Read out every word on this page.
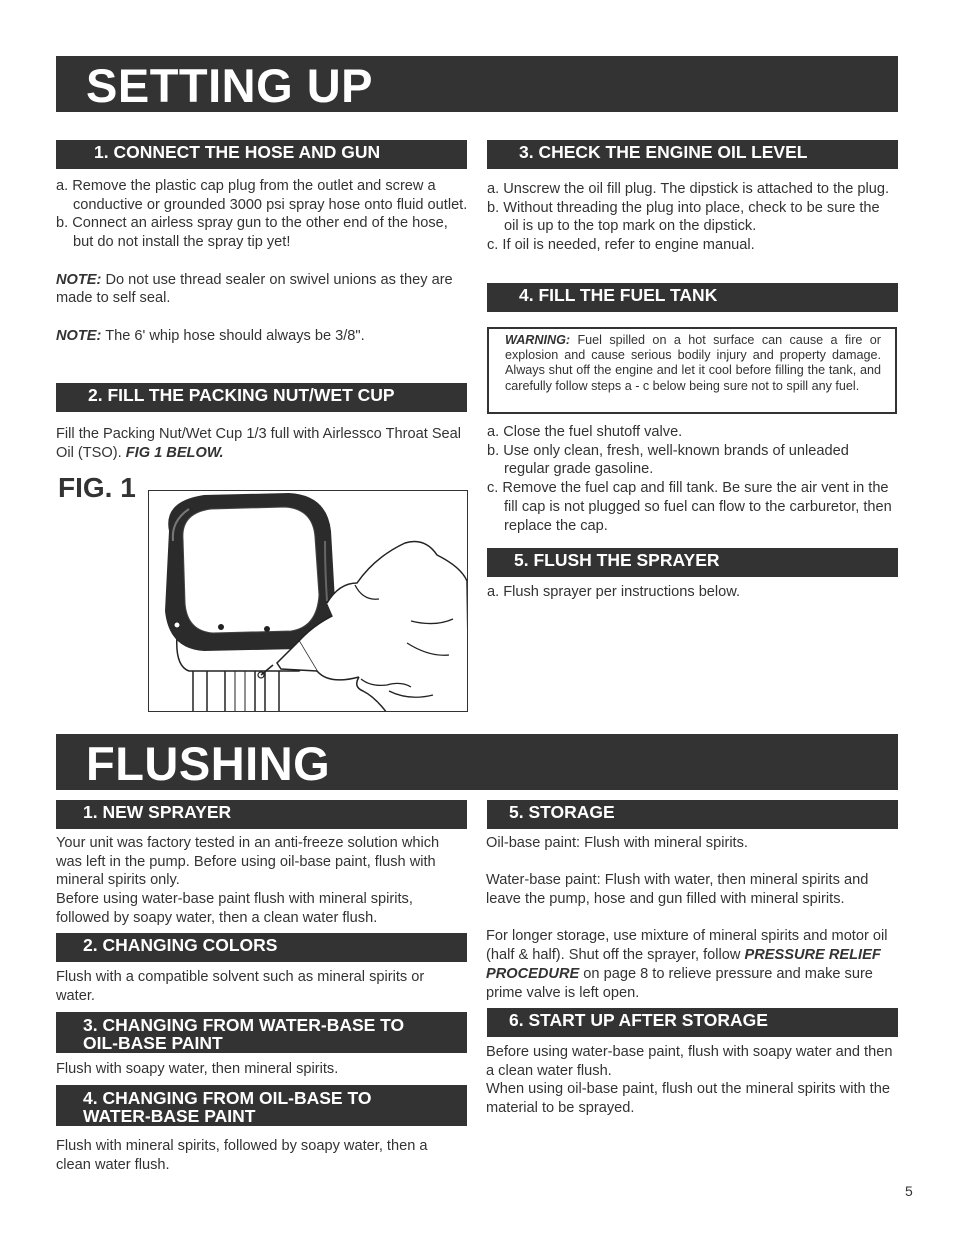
SETTING UP
1. CONNECT THE HOSE AND GUN

a. Remove the plastic cap plug from the outlet and screw a conductive or grounded 3000 psi spray hose onto fluid outlet.

b. Connect an airless spray gun to the other end of the hose, but do not install the spray tip yet!

NOTE: Do not use thread sealer on swivel unions as they are made to self seal.

NOTE: The 6' whip hose should always be 3/8".

2. FILL THE PACKING NUT/WET CUP

Fill the Packing Nut/Wet Cup 1/3 full with Airlessco Throat Seal Oil (TSO). FIG 1 BELOW.

FIG. 1
3. CHECK THE ENGINE OIL LEVEL

a. Unscrew the oil fill plug. The dipstick is attached to the plug.

b. Without threading the plug into place, check to be sure the oil is up to the top mark on the dipstick.

c. If oil is needed, refer to engine manual.

4. FILL THE FUEL TANK
WARNING: Fuel spilled on a hot surface can cause a fire or explosion and cause serious bodily injury and property damage. Always shut off the engine and let it cool before filling the tank, and carefully follow steps a - c below being sure not to spill any fuel.

a. Close the fuel shutoff valve.

b. Use only clean, fresh, well-known brands of unleaded regular grade gasoline.

c. Remove the fuel cap and fill tank. Be sure the air vent in the fill cap is not plugged so fuel can flow to the carburetor, then replace the cap.

5. FLUSH THE SPRAYER

a. Flush sprayer per instructions below.

FLUSHING
1. NEW SPRAYER

Your unit was factory tested in an anti-freeze solution which was left in the pump. Before using oil-base paint, flush with mineral spirits only.

Before using water-base paint flush with mineral spirits, followed by soapy water, then a clean water flush.

2. CHANGING COLORS

Flush with a compatible solvent such as mineral spirits or water.

3. CHANGING FROM WATER-BASE TO
OIL-BASE PAINT

Flush with soapy water, then mineral spirits.

4. CHANGING FROM OIL-BASE TO
WATER-BASE PAINT

Flush with mineral spirits, followed by soapy water, then a clean water flush.

5. STORAGE

Oil-base paint: Flush with mineral spirits.

Water-base paint: Flush with water, then mineral spirits and leave the pump, hose and gun filled with mineral spirits.

For longer storage, use mixture of mineral spirits and motor oil (half & half). Shut off the sprayer, follow PRESSURE RELIEF PROCEDURE on page 8 to relieve pressure and make sure prime valve is left open.

6. START UP AFTER STORAGE

Before using water-base paint, flush with soapy water and then a clean water flush.

When using oil-base paint, flush out the mineral spirits with the material to be sprayed.

5
